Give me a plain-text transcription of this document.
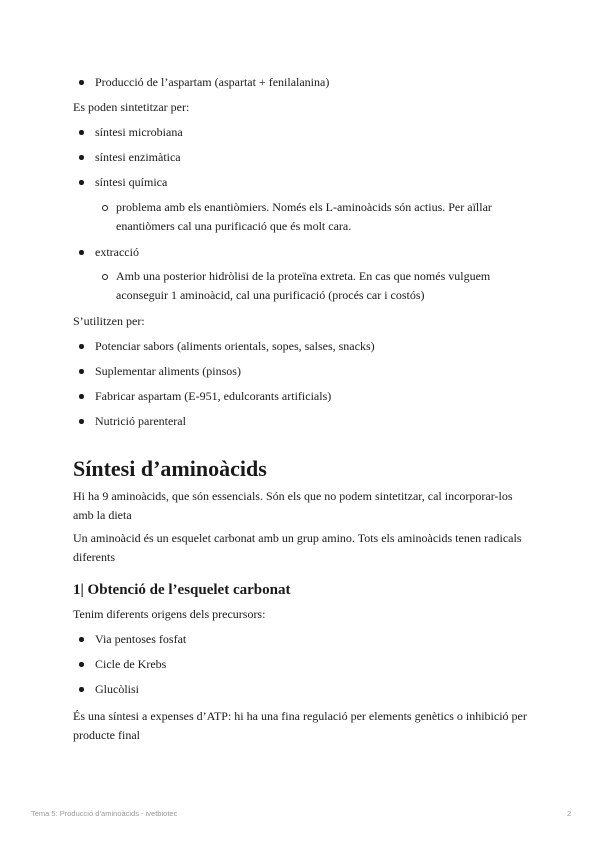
Producció de l’aspartam (aspartat + fenilalanina)

Es poden sintetitzar per:

síntesi microbiana
síntesi enzimàtica
síntesi química
problema amb els enantiòmiers. Només els L-aminoàcids són actius. Per aïllar enantiòmers cal una purificació que és molt cara.
extracció
Amb una posterior hidròlisi de la proteïna extreta. En cas que només vulguem aconseguir 1 aminoàcid, cal una purificació (procés car i costós)

S’utilitzen per:

Potenciar sabors (aliments orientals, sopes, salses, snacks)
Suplementar aliments (pinsos)
Fabricar aspartam (E-951, edulcorants artificials)
Nutrició parenteral
Síntesi d’aminoàcids

Hi ha 9 aminoàcids, que són essencials. Són els que no podem sintetitzar, cal incorporar-los amb la dieta

Un aminoàcid és un esquelet carbonat amb un grup amino. Tots els aminoàcids tenen radicals diferents

1| Obtenció de l’esquelet carbonat

Tenim diferents origens dels precursors:

Via pentoses fosfat
Cicle de Krebs
Glucòlisi

És una síntesi a expenses d’ATP: hi ha una fina regulació per elements genètics o inhibició per producte final

Tema 5: Producció d’aminoàcids - ivetbiotec	2
